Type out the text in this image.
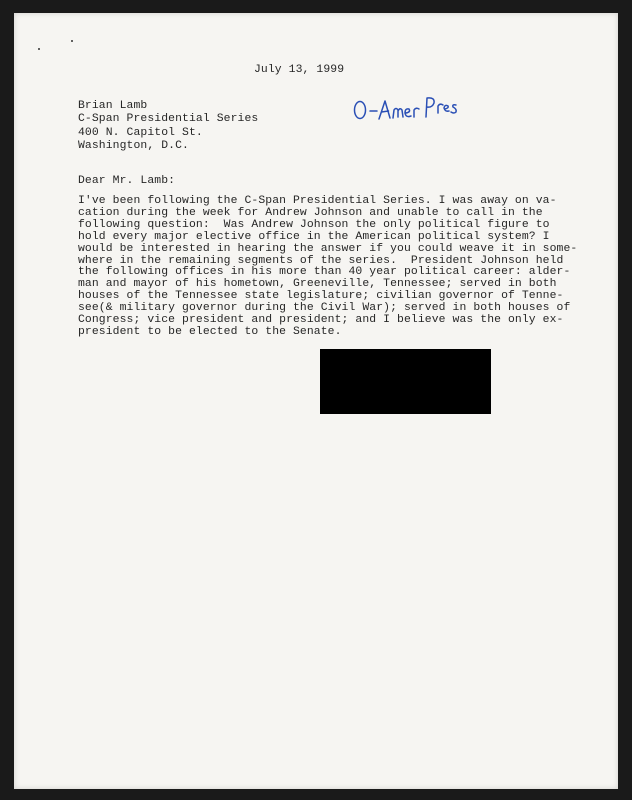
July 13, 1999
Brian Lamb
C-Span Presidential Series
400 N. Capitol St.
Washington, D.C.
Dear Mr. Lamb:
I've been following the C-Span Presidential Series. I was away on va-
cation during the week for Andrew Johnson and unable to call in the
following question:  Was Andrew Johnson the only political figure to
hold every major elective office in the American political system? I
would be interested in hearing the answer if you could weave it in some-
where in the remaining segments of the series.  President Johnson held
the following offices in his more than 40 year political career: alder-
man and mayor of his hometown, Greeneville, Tennessee; served in both
houses of the Tennessee state legislature; civilian governor of Tenne-
see(& military governor during the Civil War); served in both houses of
Congress; vice president and president; and I believe was the only ex-
president to be elected to the Senate.
